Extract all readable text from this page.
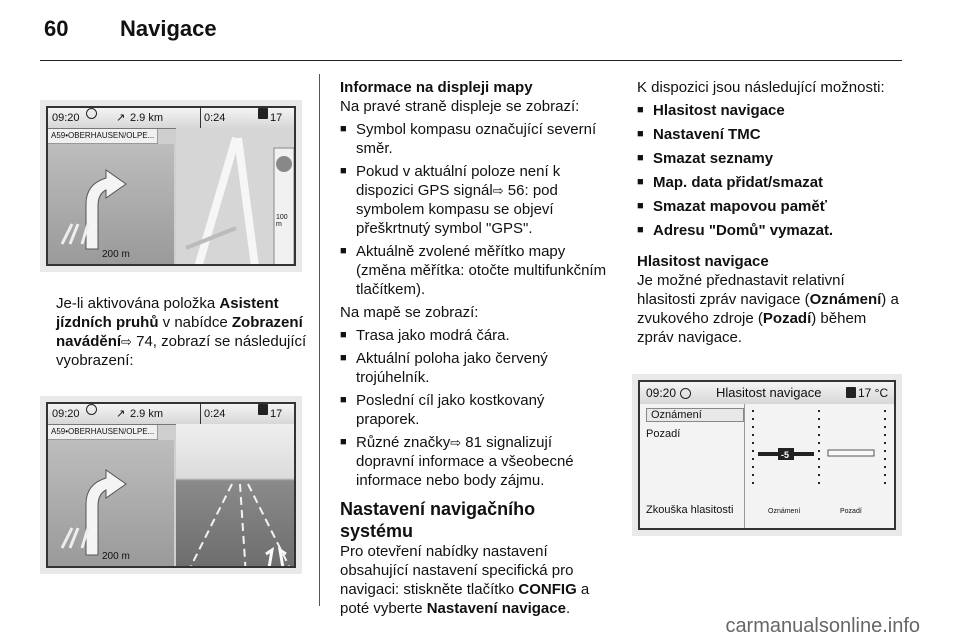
60 Navigace
09:20	↗ 2.9 km	0:24	17
200 m
A59•OBERHAUSEN/OLPE...
100 m

Je-li aktivována položka Asistent jízdních pruhů v nabídce Zobrazení navádění⇨ 74, zobrazí se následující vyobrazení:

09:20	↗ 2.9 km	0:24	17
200 m
A59•OBERHAUSEN/OLPE...

Informace na displeji mapy

Na pravé straně displeje se zobrazí:

■ Symbol kompasu označující severní směr.
■ Pokud v aktuální poloze není k dispozici GPS signál⇨ 56: pod symbolem kompasu se objeví přeškrtnutý symbol "GPS".
■ Aktuálně zvolené měřítko mapy (změna měřítka: otočte multifunkčním tlačítkem).

Na mapě se zobrazí:

■ Trasa jako modrá čára.
■ Aktuální poloha jako červený trojúhelník.
■ Poslední cíl jako kostkovaný praporek.
■ Různé značky⇨ 81 signalizují dopravní informace a všeobecné informace nebo body zájmu.

Nastavení navigačního systému

Pro otevření nabídky nastavení obsahující nastavení specifická pro navigaci: stiskněte tlačítko CONFIG a poté vyberte Nastavení navigace.

K dispozici jsou následující možnosti:

■ Hlasitost navigace
■ Nastavení TMC
■ Smazat seznamy
■ Map. data přidat/smazat
■ Smazat mapovou paměť
■ Adresu "Domů" vymazat.

Hlasitost navigace

Je možné přednastavit relativní hlasitosti zpráv navigace (Oznámení) a zvukového zdroje (Pozadí) během zpráv navigace.

09:20	Hlasitost navigace	17 °C
Oznámení
Pozadí
Zkouška hlasitosti
-5
Oznámení	Pozadí
carmanualsonline.info
